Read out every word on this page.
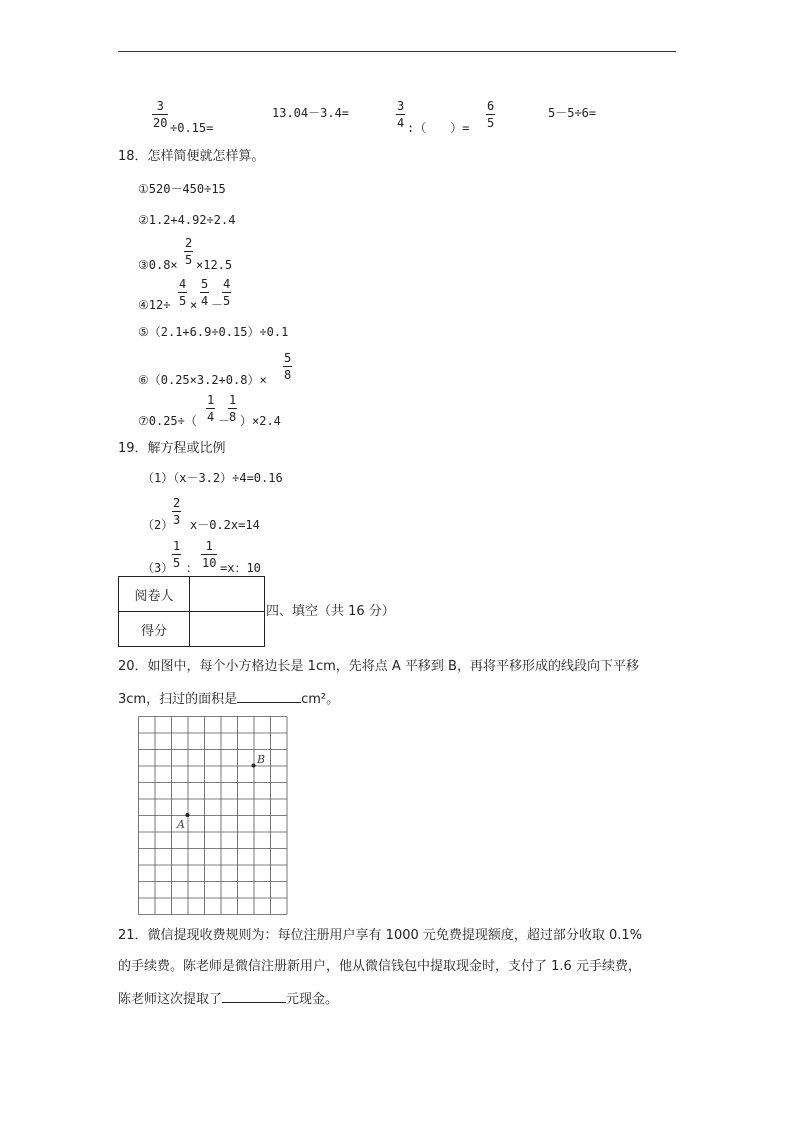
$\frac{3}{20} \div 0.15=$
13.04－3.4=	$\frac{3}{4}$ :（　　）= $\frac{6}{5}$	5－5÷6=
18．怎样简便就怎样算。
①520－450÷15
②1.2+4.92÷2.4
③0.8× $\frac{2}{5} \times 12.5$
④12÷ $\frac{4}{5} \times \frac{5}{4}$ －
$\frac{4}{5}$
⑤（2.1+6.9÷0.15）÷0.1
⑥（0.25×3.2+0.8）× $\frac{5}{8}$
⑦0.25÷（ $\frac{1}{4}$ －
$\frac{1}{8} )\times 2.4$
19．解方程或比例
（1）（x－3.2）÷4=0.16
（2）
$\frac{2}{3} x-0.2x=14$
（3）
$\frac{1}{5}$ ： $\frac{1}{10} =x$：10
阅卷人	
得分	
四、填空（共 16 分）
20．如图中，每个小方格边长是 1cm，先将点 A 平移到 B，再将平移形成的线段向下平移
3cm，扫过的面积是	cm²。
A
B
21．微信提现收费规则为：每位注册用户享有 1000 元免费提现额度，超过部分收取 0.1%
的手续费。陈老师是微信注册新用户，他从微信钱包中提取现金时，支付了 1.6 元手续费，
陈老师这次提取了	元现金。
